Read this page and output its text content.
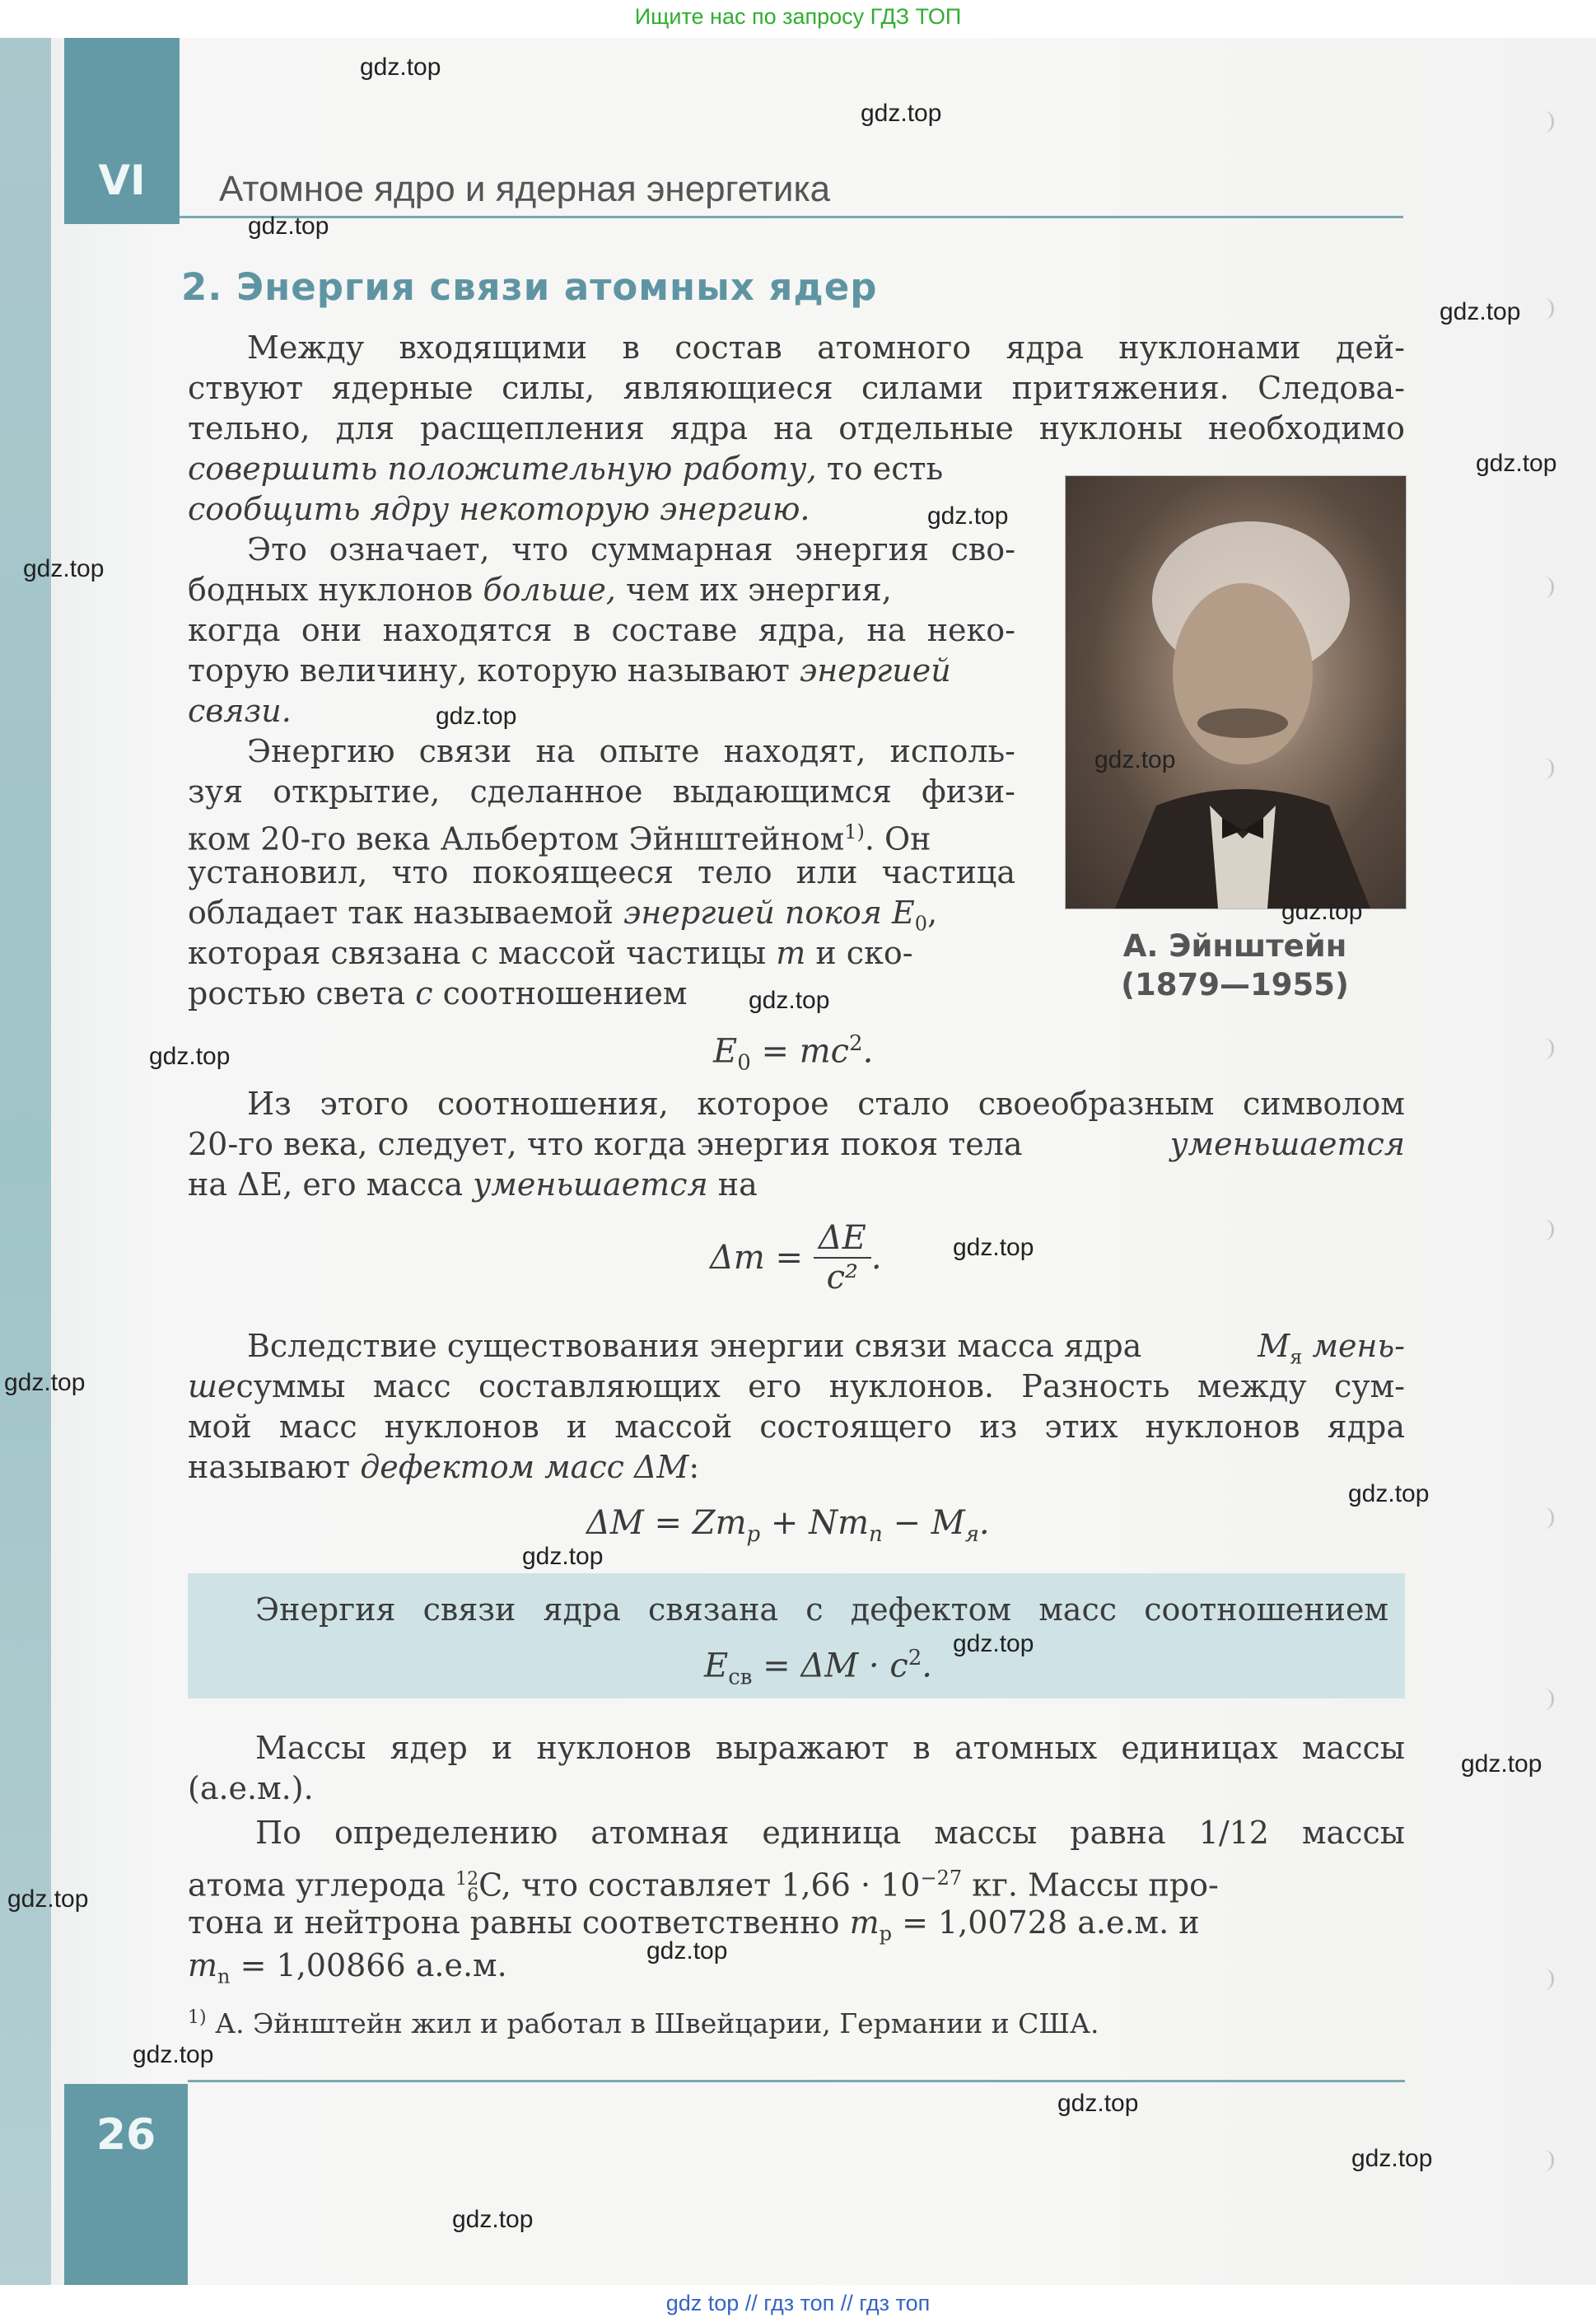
Ищите нас по запросу ГДЗ ТОП
VI	Атомное ядро и ядерная энергетика
2. Энергия связи атомных ядер
Между входящими в состав атомного ядра нуклонами дей-
ствуют ядерные силы, являющиеся силами притяжения. Следова-
тельно, для расщепления ядра на отдельные нуклоны необходимо
совершить положительную работу, то есть
сообщить ядру некоторую энергию.
Это означает, что суммарная энергия сво-
бодных нуклонов больше, чем их энергия,
когда они находятся в составе ядра, на неко-
торую величину, которую называют энергией
связи.
Энергию связи на опыте находят, исполь-
зуя открытие, сделанное выдающимся физи-
ком 20-го века Альбертом Эйнштейном$^{1)}$. Он
установил, что покоящееся тело или частица
обладает так называемой энергией покоя $E_0$,
которая связана с массой частицы m и ско-
ростью света c соотношением
А. Эйнштейн
(1879—1955)
$E_0 = mc^2$.
Из этого соотношения, которое стало своеобразным символом
20-го века, следует, что когда энергия покоя тела	уменьшается
на ΔE, его масса уменьшается на
$\Delta m = \frac{\Delta E}{\text{c²}}$ .
Вследствие существования энергии связи масса ядра	$M_я$ мень-
ше суммы масс составляющих его нуклонов. Разность между сум-
мой масс нуклонов и массой состоящего из этих нуклонов ядра
называют дефектом масс ΔM:
$\Delta M = Zm_p + Nm_n - M_я$.
Энергия связи ядра связана с дефектом масс соотношением
$E_{св} = \Delta M \cdot c^2$.
Массы ядер и нуклонов выражают в атомных единицах массы
(а.е.м.).
По определению атомная единица массы равна 1/12 массы
атома углерода 12
6 C, что составляет $1,66 \cdot 10^{-27}$ кг. Массы про-
тона и нейтрона равны соответственно $m_p = 1,00728$ а.е.м. и
$m_n = 1,00866$ а.е.м.
$^{1)}$ А. Эйнштейн жил и работал в Швейцарии, Германии и США.
26
gdz.top
gdz.top
gdz.top
gdz.top
gdz.top
gdz.top
gdz.top
gdz.top
gdz.top
gdz.top
gdz.top
gdz.top
gdz.top
gdz.top
gdz.top
gdz.top
gdz.top
gdz.top
gdz.top
gdz.top
gdz.top
gdz.top
gdz.top
gdz.top
gdz top // гдз топ // гдз топ
